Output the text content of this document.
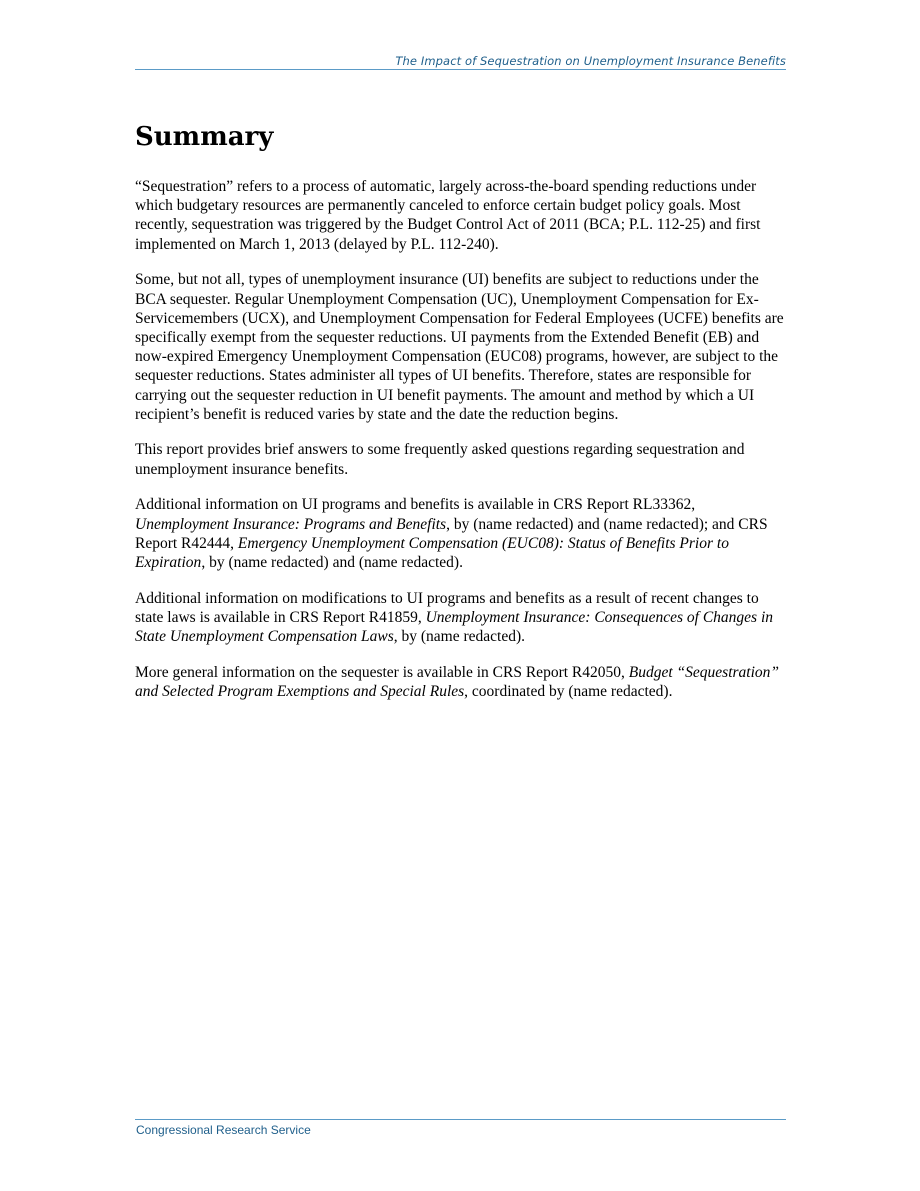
The Impact of Sequestration on Unemployment Insurance Benefits
Summary

“Sequestration” refers to a process of automatic, largely across-the-board spending reductions under which budgetary resources are permanently canceled to enforce certain budget policy goals. Most recently, sequestration was triggered by the Budget Control Act of 2011 (BCA; P.L. 112-25) and first implemented on March 1, 2013 (delayed by P.L. 112-240).

Some, but not all, types of unemployment insurance (UI) benefits are subject to reductions under the BCA sequester. Regular Unemployment Compensation (UC), Unemployment Compensation for Ex-Servicemembers (UCX), and Unemployment Compensation for Federal Employees (UCFE) benefits are specifically exempt from the sequester reductions. UI payments from the Extended Benefit (EB) and now-expired Emergency Unemployment Compensation (EUC08) programs, however, are subject to the sequester reductions. States administer all types of UI benefits. Therefore, states are responsible for carrying out the sequester reduction in UI benefit payments. The amount and method by which a UI recipient’s benefit is reduced varies by state and the date the reduction begins.

This report provides brief answers to some frequently asked questions regarding sequestration and unemployment insurance benefits.

Additional information on UI programs and benefits is available in CRS Report RL33362, Unemployment Insurance: Programs and Benefits, by (name redacted) and (name redacted); and CRS Report R42444, Emergency Unemployment Compensation (EUC08): Status of Benefits Prior to Expiration, by (name redacted) and (name redacted).

Additional information on modifications to UI programs and benefits as a result of recent changes to state laws is available in CRS Report R41859, Unemployment Insurance: Consequences of Changes in State Unemployment Compensation Laws, by (name redacted).

More general information on the sequester is available in CRS Report R42050, Budget “Sequestration” and Selected Program Exemptions and Special Rules, coordinated by (name redacted).

Congressional Research Service
